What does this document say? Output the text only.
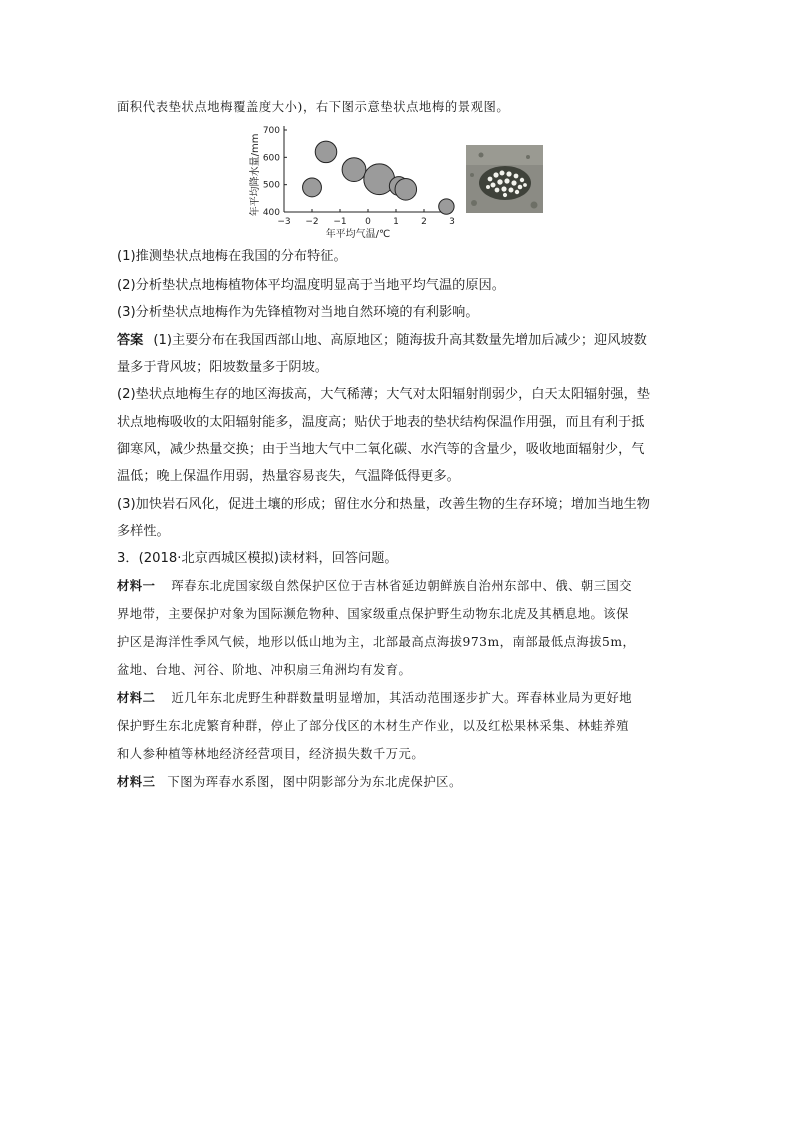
面积代表垫状点地梅覆盖度大小)，右下图示意垫状点地梅的景观图。
−3 −2 −1 0 1 2 3
400
500
600
700
年平均气温/℃
年平均降水量/mm
(1)推测垫状点地梅在我国的分布特征。
(2)分析垫状点地梅植物体平均温度明显高于当地平均气温的原因。
(3)分析垫状点地梅作为先锋植物对当地自然环境的有利影响。
答案 (1)主要分布在我国西部山地、高原地区；随海拔升高其数量先增加后减少；迎风坡数
量多于背风坡；阳坡数量多于阴坡。
(2)垫状点地梅生存的地区海拔高，大气稀薄；大气对太阳辐射削弱少，白天太阳辐射强，垫
状点地梅吸收的太阳辐射能多，温度高；贴伏于地表的垫状结构保温作用强，而且有利于抵
御寒风，减少热量交换；由于当地大气中二氧化碳、水汽等的含量少，吸收地面辐射少，气
温低；晚上保温作用弱，热量容易丧失，气温降低得更多。
(3)加快岩石风化，促进土壤的形成；留住水分和热量，改善生物的生存环境；增加当地生物
多样性。
3．(2018·北京西城区模拟)读材料，回答问题。
材料一 珲春东北虎国家级自然保护区位于吉林省延边朝鲜族自治州东部中、俄、朝三国交
界地带，主要保护对象为国际濒危物种、国家级重点保护野生动物东北虎及其栖息地。该保
护区是海洋性季风气候，地形以低山地为主，北部最高点海拔973m，南部最低点海拔5m，
盆地、台地、河谷、阶地、冲积扇三角洲均有发育。
材料二 近几年东北虎野生种群数量明显增加，其活动范围逐步扩大。珲春林业局为更好地
保护野生东北虎繁育种群，停止了部分伐区的木材生产作业，以及红松果林采集、林蛙养殖
和人参种植等林地经济经营项目，经济损失数千万元。
材料三 下图为珲春水系图，图中阴影部分为东北虎保护区。
